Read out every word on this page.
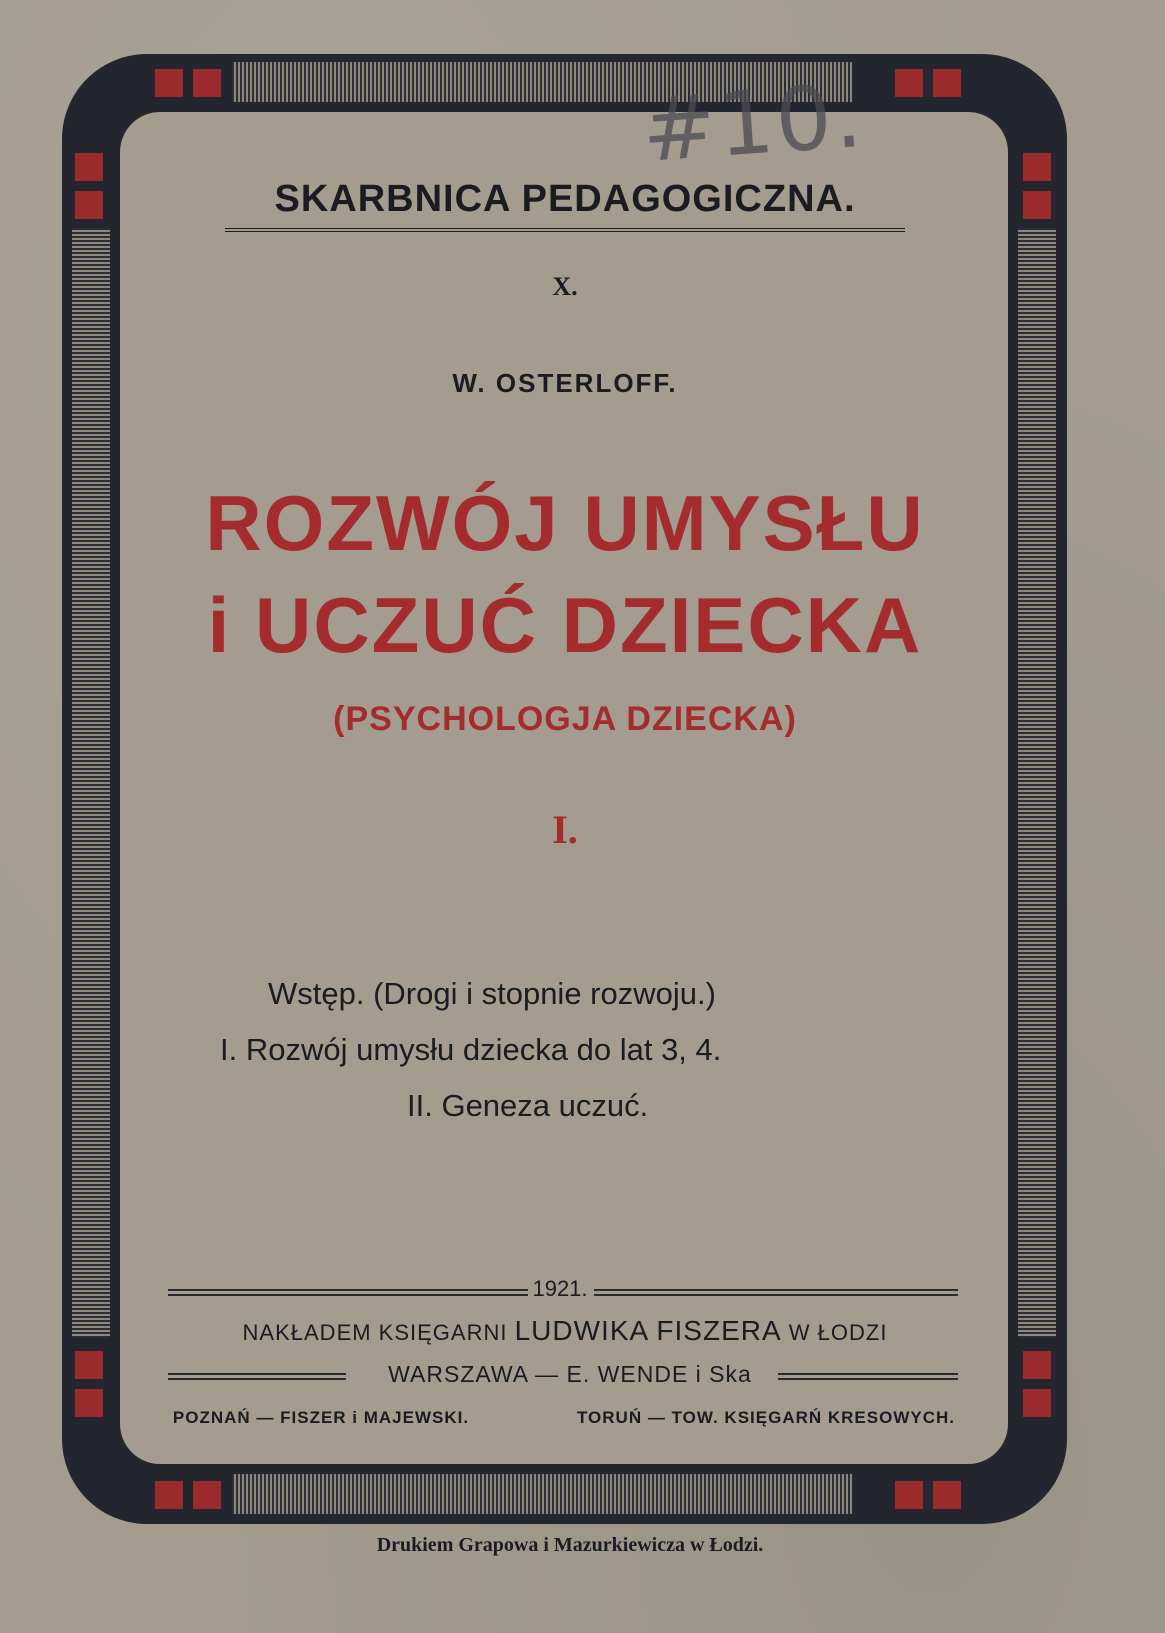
#10.
SKARBNICA PEDAGOGICZNA.
X.
W. OSTERLOFF.
ROZWÓJ UMYSŁU
i UCZUĆ DZIECKA
(PSYCHOLOGJA DZIECKA)
I.
Wstęp. (Drogi i stopnie rozwoju.)
I. Rozwój umysłu dziecka do lat 3, 4.
II. Geneza uczuć.
1921.
NAKŁADEM KSIĘGARNI LUDWIKA FISZERA W ŁODZI
WARSZAWA — E. WENDE i Ska
POZNAŃ — FISZER i MAJEWSKI.	TORUŃ — TOW. KSIĘGARŃ KRESOWYCH.
Drukiem Grapowa i Mazurkiewicza w Łodzi.
